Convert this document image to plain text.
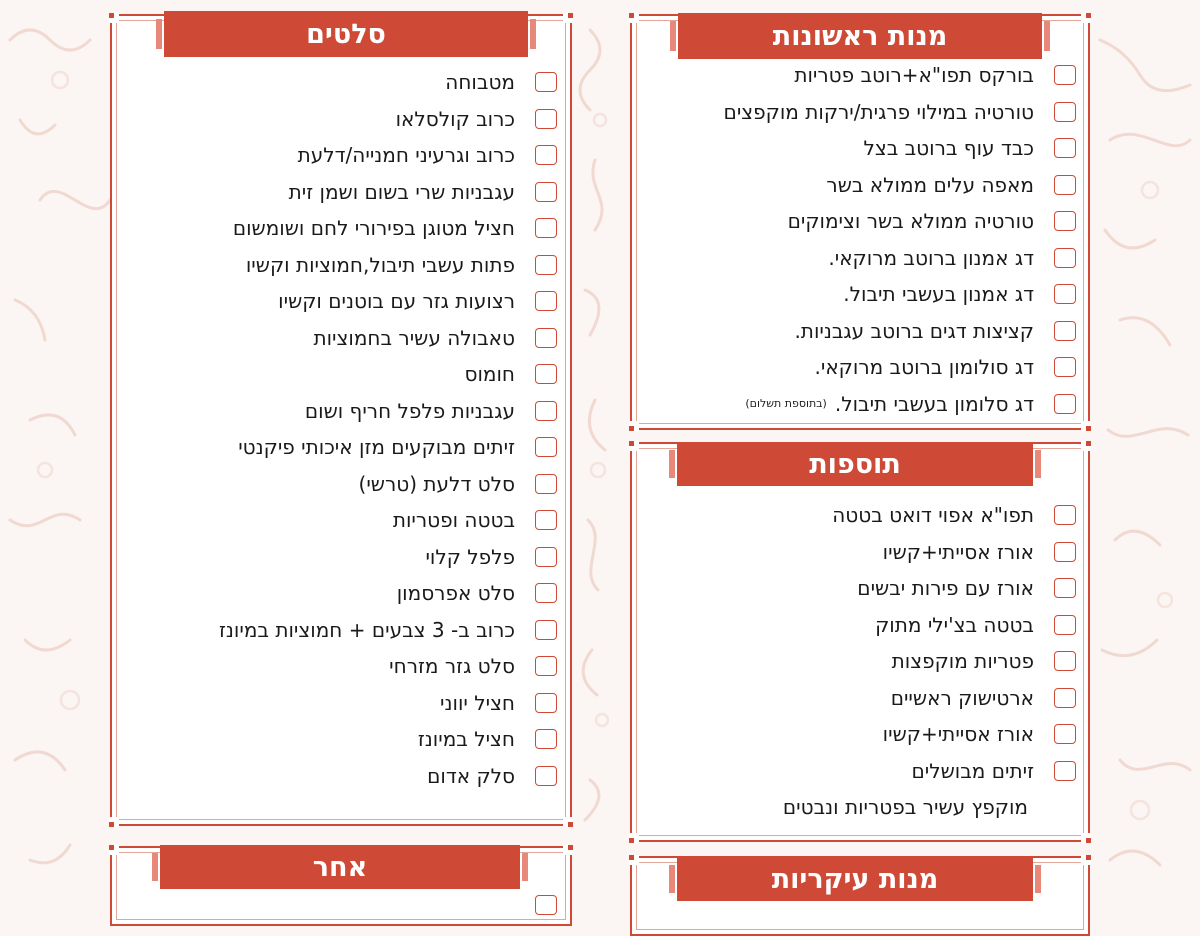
סלטים
מטבוחה
כרוב קולסלאו
כרוב וגרעיני חמנייה/דלעת
עגבניות שרי בשום ושמן זית
חציל מטוגן בפירורי לחם ושומשום
פתות עשבי תיבול,חמוציות וקשיו
רצועות גזר עם בוטנים וקשיו
טאבולה עשיר בחמוציות
חומוס
עגבניות פלפל חריף ושום
זיתים מבוקעים מזן איכותי פיקנטי
סלט דלעת (טרשי)
בטטה ופטריות
פלפל קלוי
סלט אפרסמון
כרוב ב- 3 צבעים + חמוציות במיונז
סלט גזר מזרחי
חציל יווני
חציל במיונז
סלק אדום
מנות ראשונות
בורקס תפו"א+רוטב פטריות
טורטיה במילוי פרגית/ירקות מוקפצים
כבד עוף ברוטב בצל
מאפה עלים ממולא בשר
טורטיה ממולא בשר וצימוקים
דג אמנון ברוטב מרוקאי.
דג אמנון בעשבי תיבול.
קציצות דגים ברוטב עגבניות.
דג סולומון ברוטב מרוקאי.
דג סלומון בעשבי תיבול.
(בתוספת תשלום)
תוספות
תפו"א אפוי דואט בטטה
אורז אסייתי+קשיו
אורז עם פירות יבשים
בטטה בצ'ילי מתוק
פטריות מוקפצות
ארטישוק ראשיים
אורז אסייתי+קשיו
זיתים מבושלים
מוקפץ עשיר בפטריות ונבטים
אחר	מנות עיקריות
